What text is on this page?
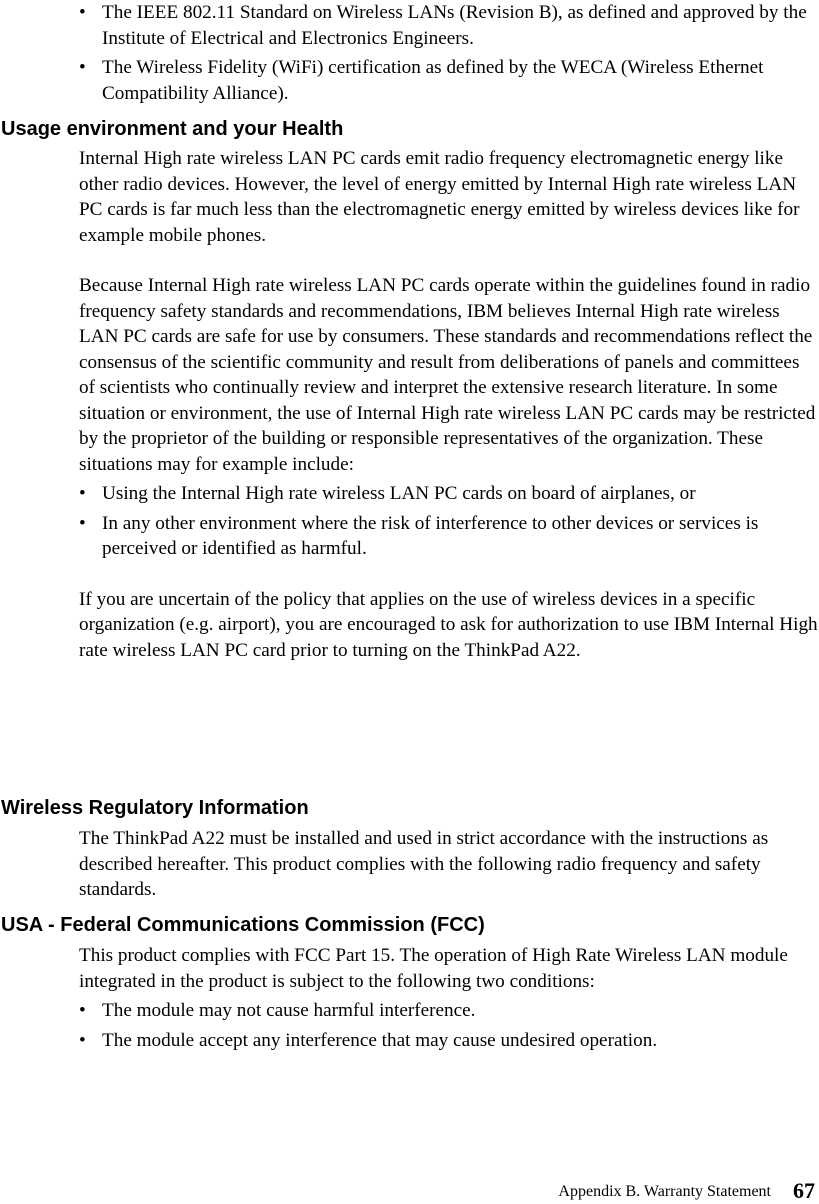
• The IEEE 802.11 Standard on Wireless LANs (Revision B), as defined and approved by the Institute of Electrical and Electronics Engineers.
• The Wireless Fidelity (WiFi) certification as defined by the WECA (Wireless Ethernet Compatibility Alliance).
Usage environment and your Health

Internal High rate wireless LAN PC cards emit radio frequency electromagnetic energy like other radio devices. However, the level of energy emitted by Internal High rate wireless LAN PC cards is far much less than the electromagnetic energy emitted by wireless devices like for example mobile phones.

Because Internal High rate wireless LAN PC cards operate within the guidelines found in radio frequency safety standards and recommendations, IBM believes Internal High rate wireless LAN PC cards are safe for use by consumers. These standards and recommendations reflect the consensus of the scientific community and result from deliberations of panels and committees of scientists who continually review and interpret the extensive research literature. In some situation or environment, the use of Internal High rate wireless LAN PC cards may be restricted by the proprietor of the building or responsible representatives of the organization. These situations may for example include:

• Using the Internal High rate wireless LAN PC cards on board of airplanes, or
• In any other environment where the risk of interference to other devices or services is perceived or identified as harmful.

If you are uncertain of the policy that applies on the use of wireless devices in a specific organization (e.g. airport), you are encouraged to ask for authorization to use IBM Internal High rate wireless LAN PC card prior to turning on the ThinkPad A22.

Wireless Regulatory Information

The ThinkPad A22 must be installed and used in strict accordance with the instructions as described hereafter. This product complies with the following radio frequency and safety standards.

USA - Federal Communications Commission (FCC)

This product complies with FCC Part 15. The operation of High Rate Wireless LAN module integrated in the product is subject to the following two conditions:

• The module may not cause harmful interference.
• The module accept any interference that may cause undesired operation.
Appendix B. Warranty Statement 67
